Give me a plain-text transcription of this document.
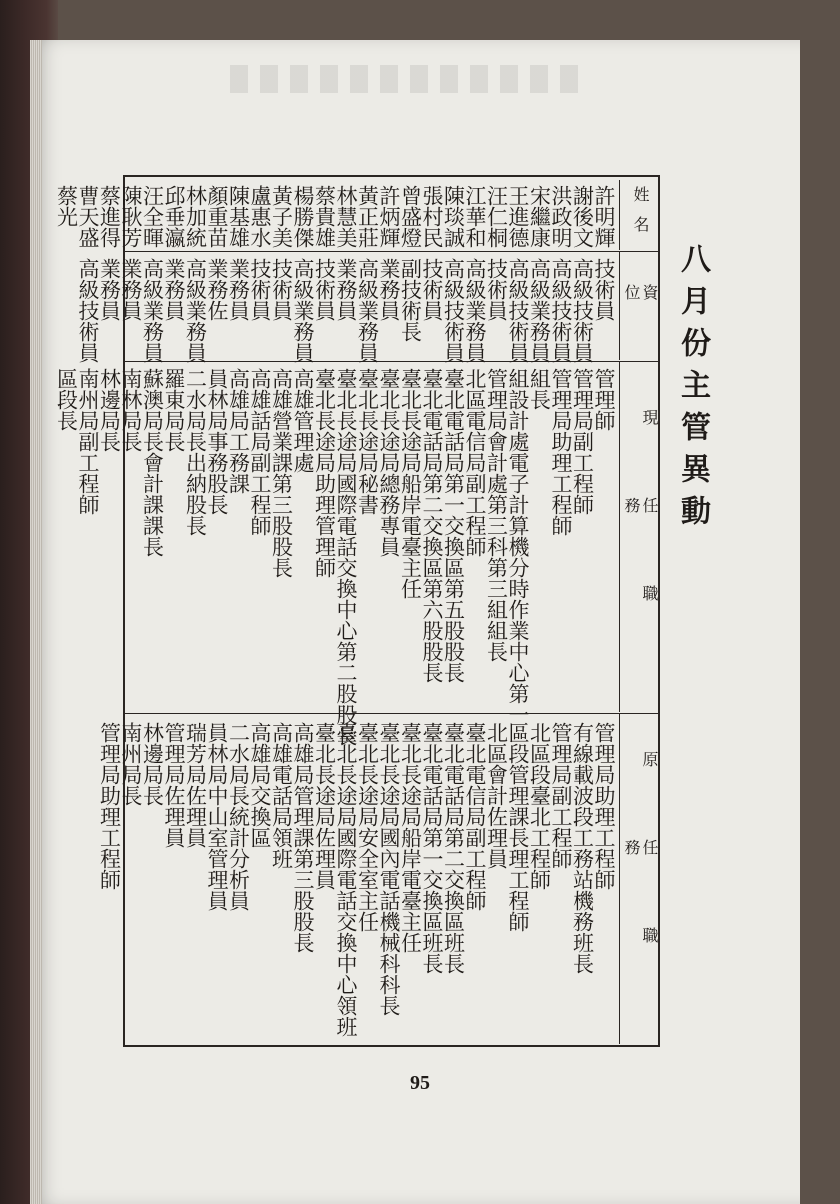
八月份主管異動
姓名
資位
現任職務
原任職務
許明輝
謝後文
洪政明
宋繼康
王進德
汪仁桐
江華和
陳琰誠
張村民
曾盛燈
許炳輝
黃正莊
林慧美
蔡貴雄
楊勝傑
黃子美
盧惠水
陳基雄
顏重苗
林加統
邱垂瀛
汪全暉
陳耿芳
蔡進得
曹天盛
蔡光
技術員
高級技術員
高級技術員
高級業務員
高級技術員
技術員
高級業務員
高級技術員
技術員
副技術長
業務員
高級業務員
業務員
技術員
高級業務員
技術員
技術員
業務員
業務佐
高級業務員
業務員
高級業務員
業務員
業務員
高級技術員
管理師
管理局副工程師
管理局助理工程師
組長
組設計處電子計算機分時作業中心第一
管理局會計處第三科第三組組長
北區電信局副工程師
臺北電話局第一交換區第五股股長
臺北電話局第二交換區第六股股長
臺北長途局船岸電臺主任
臺北長途局總務專員
臺北長途局秘書
臺北長途局國際電話交換中心第二股股長
臺北長途局助理管理師
高雄管理處
高雄營業課第三股股長
高雄話局副工程師
高雄局工務課
員林局事務股長
二水局長出納股長
羅東局長
蘇澳局長會計課課長
南林局長
林邊局長
南州局副工程師
區段長
管理局助理工程師
有線載波段工務站機務班長
管理局副工程師
北區段臺北工程師
區段管理課長理工程師
北區會計佐理員
臺北電信局副工程師
臺北電話局第二交換區班長
臺北電話局第一交換區班長
臺北長途局船岸電臺主任
臺北長途局國內電話機械科科長
臺北長途局安全室主任
臺北長途局國際電話交換中心領班
臺北長途局佐理員
高雄局管理課第三股股長
高雄電話局領班
高雄局交換區
二水局長統計分析員
員林局中山室管理員
瑞芳局佐理員
管理局佐理員
林邊局長
南州局長
管理局助理工程師
95
